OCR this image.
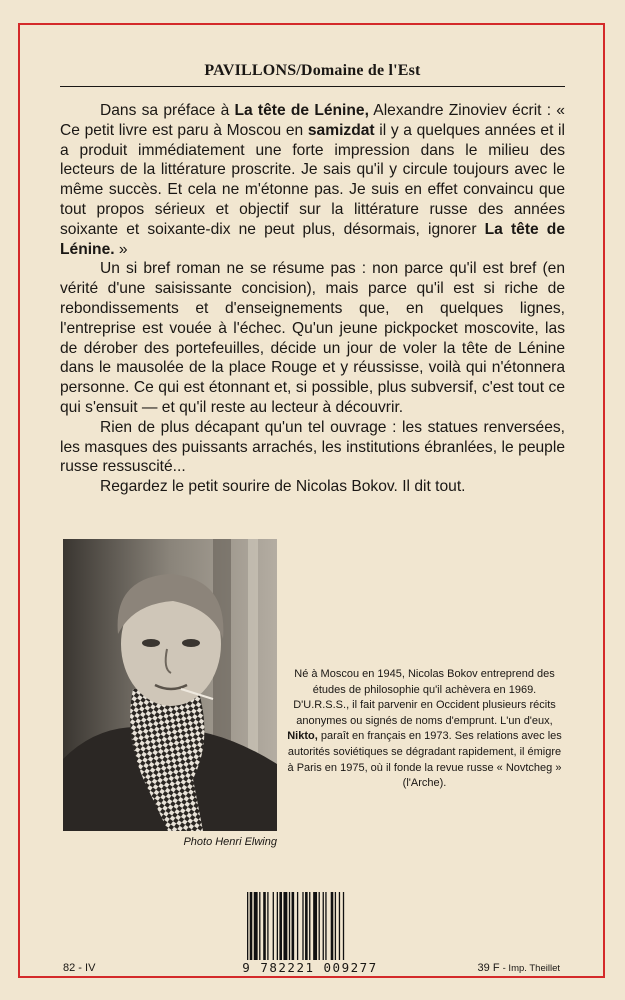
PAVILLONS/Domaine de l'Est

Dans sa préface à La tête de Lénine, Alexandre Zinoviev écrit : « Ce petit livre est paru à Moscou en samizdat il y a quelques années et il a produit immédiatement une forte impression dans le milieu des lecteurs de la littérature proscrite. Je sais qu'il y circule toujours avec le même succès. Et cela ne m'étonne pas. Je suis en effet convaincu que tout propos sérieux et objectif sur la littérature russe des années soixante et soixante-dix ne peut plus, désormais, ignorer La tête de Lénine. »

Un si bref roman ne se résume pas : non parce qu'il est bref (en vérité d'une saisissante concision), mais parce qu'il est si riche de rebondissements et d'enseignements que, en quelques lignes, l'entreprise est vouée à l'échec. Qu'un jeune pickpocket moscovite, las de dérober des portefeuilles, décide un jour de voler la tête de Lénine dans le mausolée de la place Rouge et y réussisse, voilà qui n'étonnera personne. Ce qui est étonnant et, si possible, plus subversif, c'est tout ce qui s'ensuit — et qu'il reste au lecteur à découvrir.

Rien de plus décapant qu'un tel ouvrage : les statues renversées, les masques des puissants arrachés, les institutions ébranlées, le peuple russe ressuscité...

Regardez le petit sourire de Nicolas Bokov. Il dit tout.

Photo Henri Elwing
Né à Moscou en 1945, Nicolas Bokov entreprend des études de philosophie qu'il achèvera en 1969. D'U.R.S.S., il fait parvenir en Occident plusieurs récits anonymes ou signés de noms d'emprunt. L'un d'eux, Nikto, paraît en français en 1973. Ses relations avec les autorités soviétiques se dégradant rapidement, il émigre à Paris en 1975, où il fonde la revue russe « Novtcheg » (l'Arche).
9 782221 009277
82 - IV	39 F - Imp. Theillet
